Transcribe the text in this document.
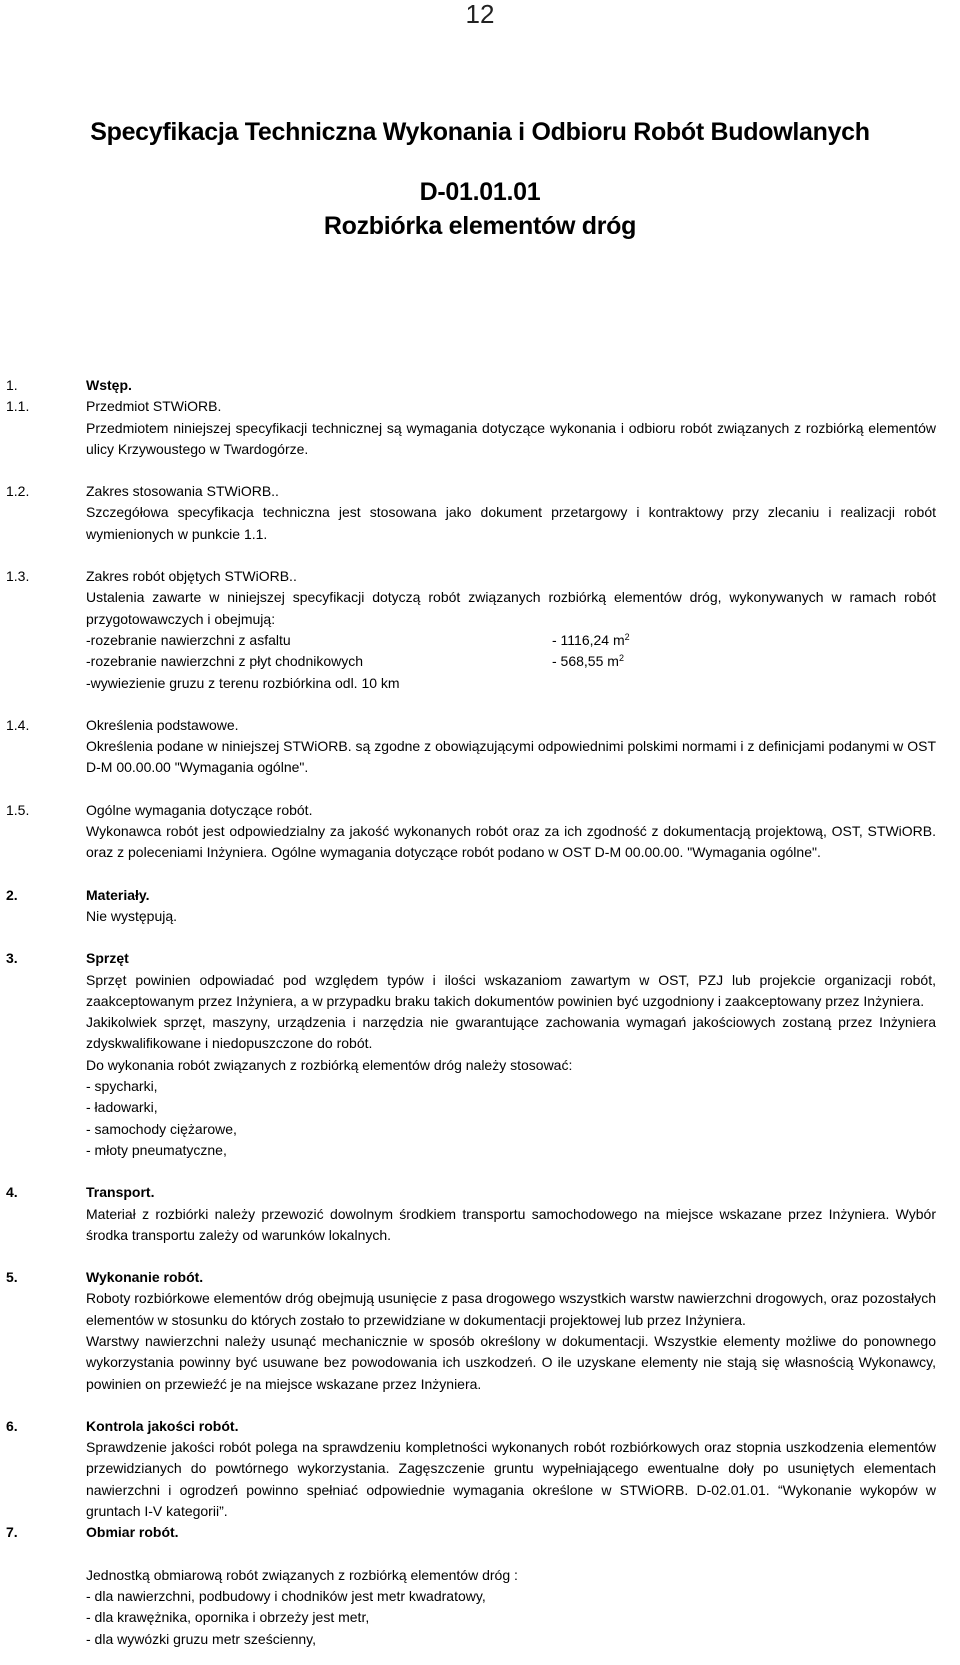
12
Specyfikacja Techniczna Wykonania i Odbioru Robót Budowlanych
D-01.01.01
Rozbiórka elementów dróg
1.	Wstęp.
1.1.	Przedmiot STWiORB.

Przedmiotem niniejszej specyfikacji technicznej są wymagania dotyczące wykonania i odbioru robót związanych z rozbiórką elementów ulicy Krzywoustego w Twardogórze.

1.2.	Zakres stosowania STWiORB..

Szczegółowa specyfikacja techniczna jest stosowana jako dokument przetargowy i kontraktowy przy zlecaniu i realizacji robót wymienionych w punkcie 1.1.

1.3.	Zakres robót objętych STWiORB..

Ustalenia zawarte w niniejszej specyfikacji dotyczą robót związanych rozbiórką elementów dróg, wykonywanych w ramach robót przygotowawczych i obejmują:

-rozebranie nawierzchni z asfaltu	- 1116,24 $m^2$
-rozebranie nawierzchni z płyt chodnikowych	- 568,55 $m^2$

-wywiezienie gruzu z terenu rozbiórkina odl. 10 km

1.4.	Określenia podstawowe.

Określenia podane w niniejszej STWiORB. są zgodne z obowiązującymi odpowiednimi polskimi normami i z definicjami podanymi w OST D-M 00.00.00 "Wymagania ogólne".

1.5.	Ogólne wymagania dotyczące robót.

Wykonawca robót jest odpowiedzialny za jakość wykonanych robót oraz za ich zgodność z dokumentacją projektową, OST, STWiORB. oraz z poleceniami Inżyniera. Ogólne wymagania dotyczące robót podano w OST D-M 00.00.00. "Wymagania ogólne".

2.	Materiały.

Nie występują.

3.	Sprzęt

Sprzęt powinien odpowiadać pod względem typów i ilości wskazaniom zawartym w OST, PZJ lub projekcie organizacji robót, zaakceptowanym przez Inżyniera, a w przypadku braku takich dokumentów powinien być uzgodniony i zaakceptowany przez Inżyniera.

Jakikolwiek sprzęt, maszyny, urządzenia i narzędzia nie gwarantujące zachowania wymagań jakościowych zostaną przez Inżyniera zdyskwalifikowane i niedopuszczone do robót.

Do wykonania robót związanych z rozbiórką elementów dróg należy stosować:

- spycharki,

- ładowarki,

- samochody ciężarowe,

- młoty pneumatyczne,

4.	Transport.

Materiał z rozbiórki należy przewozić dowolnym środkiem transportu samochodowego na miejsce wskazane przez Inżyniera. Wybór środka transportu zależy od warunków lokalnych.

5.	Wykonanie robót.

Roboty rozbiórkowe elementów dróg obejmują usunięcie z pasa drogowego wszystkich warstw nawierzchni drogowych, oraz pozostałych elementów w stosunku do których zostało to przewidziane w dokumentacji projektowej lub przez Inżyniera.

Warstwy nawierzchni należy usunąć mechanicznie w sposób określony w dokumentacji. Wszystkie elementy możliwe do ponownego wykorzystania powinny być usuwane bez powodowania ich uszkodzeń. O ile uzyskane elementy nie stają się własnością Wykonawcy, powinien on przewieźć je na miejsce wskazane przez Inżyniera.

6.	Kontrola jakości robót.

Sprawdzenie jakości robót polega na sprawdzeniu kompletności wykonanych robót rozbiórkowych oraz stopnia uszkodzenia elementów przewidzianych do powtórnego wykorzystania. Zagęszczenie gruntu wypełniającego ewentualne doły po usuniętych elementach nawierzchni i ogrodzeń powinno spełniać odpowiednie wymagania określone w STWiORB. D-02.01.01. “Wykonanie wykopów w gruntach I-V kategorii”.

7.	Obmiar robót.

Jednostką obmiarową robót związanych z rozbiórką elementów dróg :

- dla nawierzchni, podbudowy i chodników jest metr kwadratowy,

- dla krawężnika, opornika i obrzeży jest metr,

- dla wywózki gruzu metr sześcienny,
